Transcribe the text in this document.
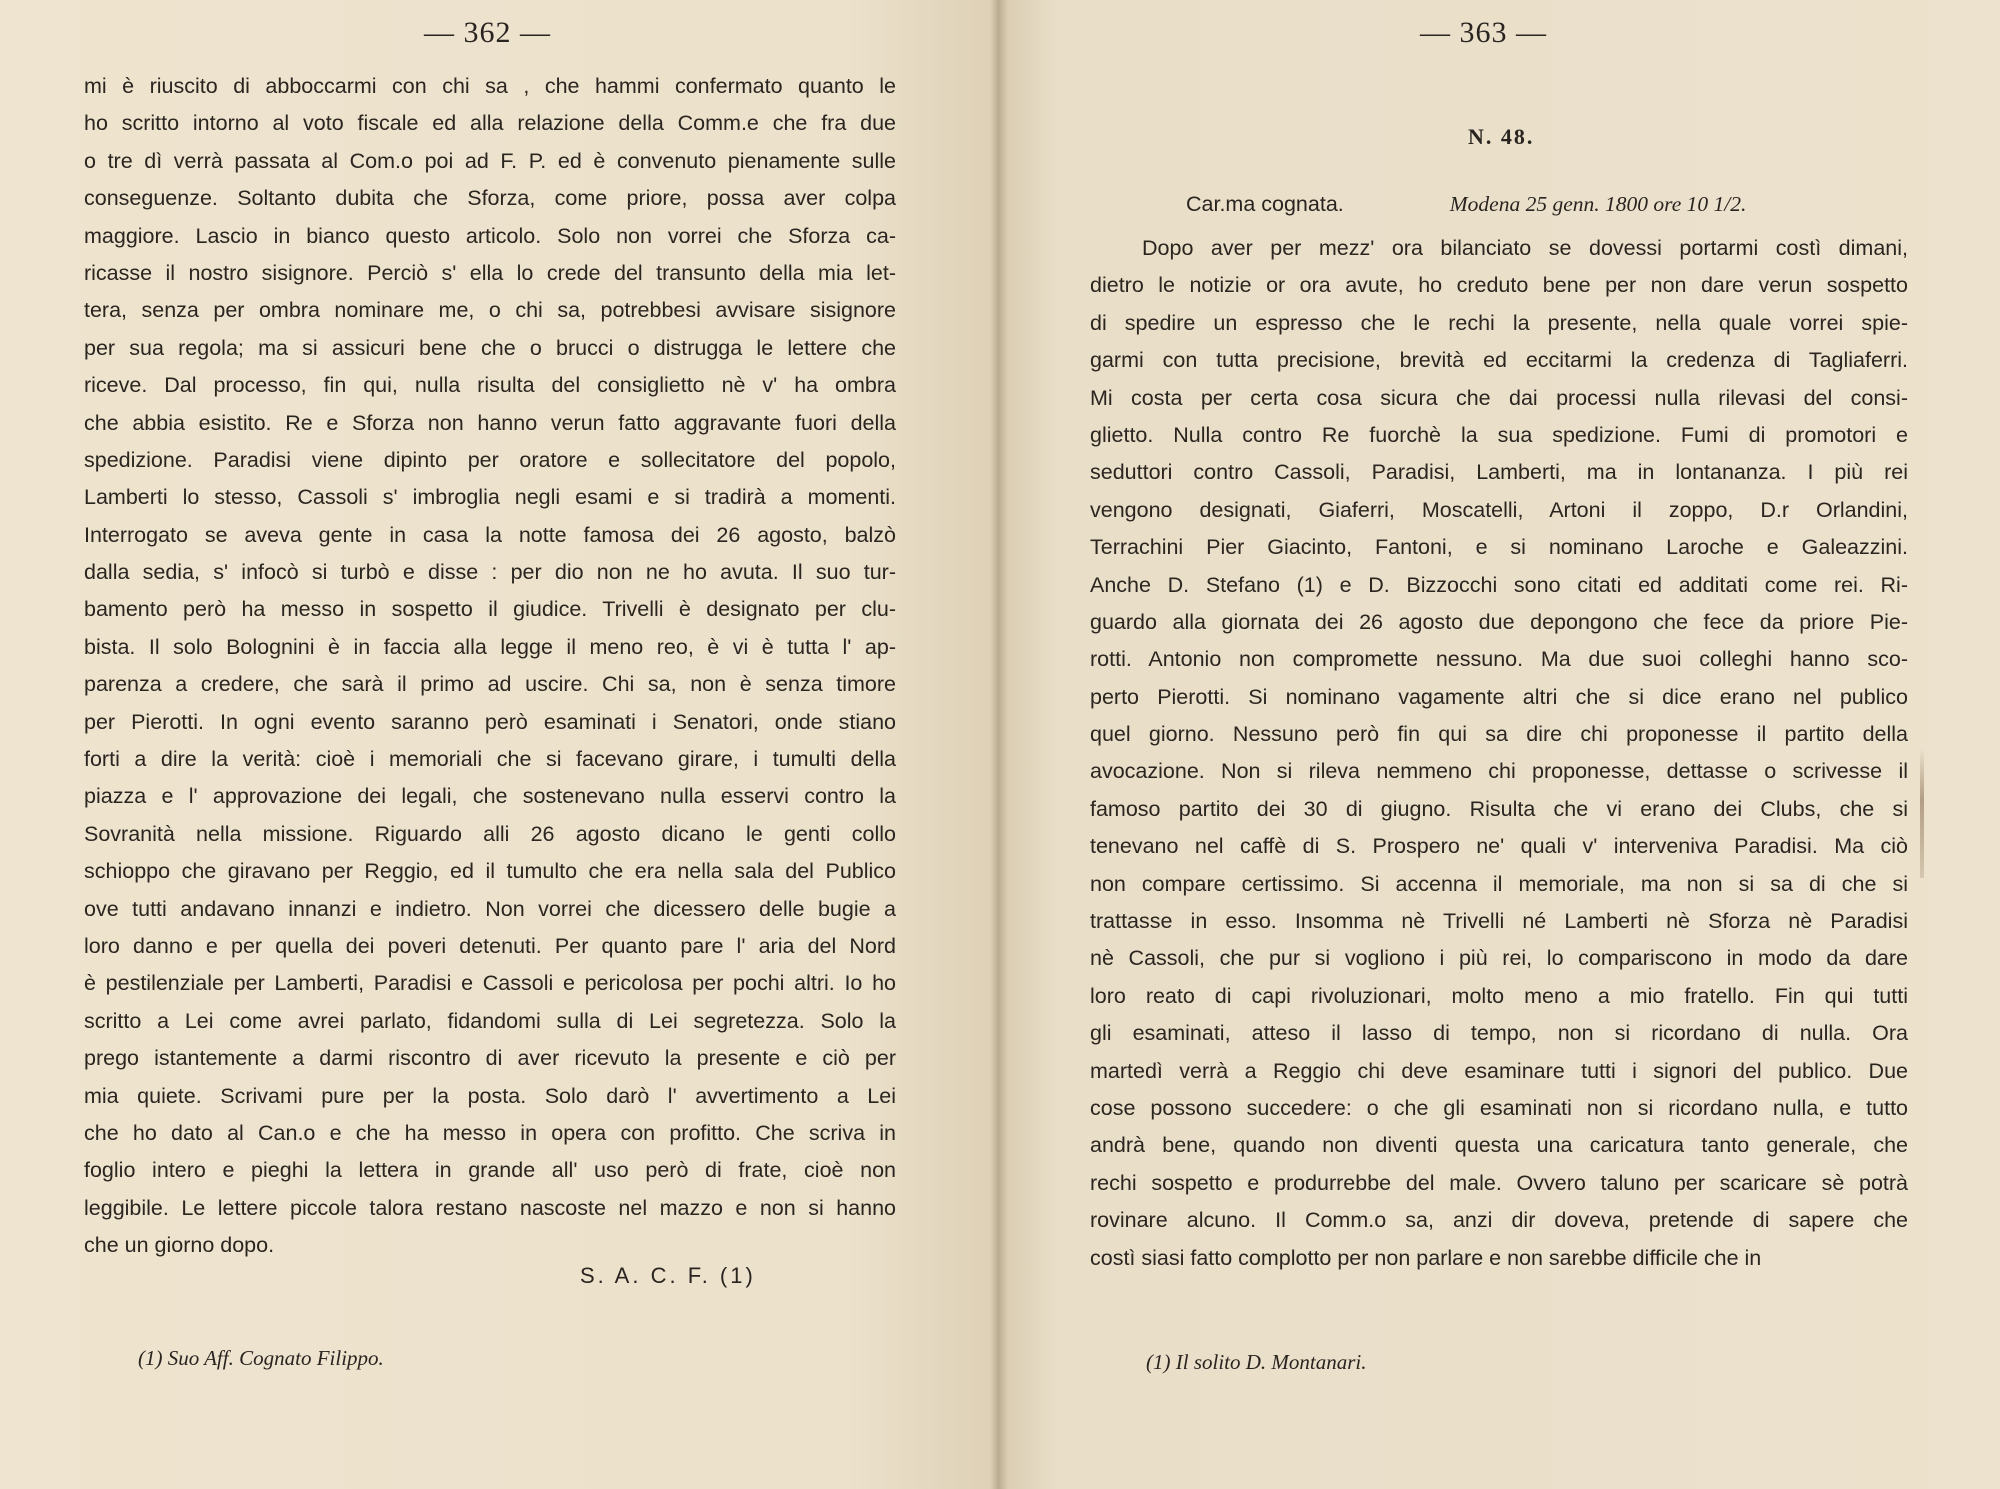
— 362 —	— 363 —
mi è riuscito di abboccarmi con chi sa , che hammi confermato quanto le
ho scritto intorno al voto fiscale ed alla relazione della Comm.e che fra due
o tre dì verrà passata al Com.o poi ad F. P. ed è convenuto pienamente sulle
conseguenze. Soltanto dubita che Sforza, come priore, possa aver colpa
maggiore. Lascio in bianco questo articolo. Solo non vorrei che Sforza ca-
ricasse il nostro sisignore. Perciò s' ella lo crede del transunto della mia let-
tera, senza per ombra nominare me, o chi sa, potrebbesi avvisare sisignore
per sua regola; ma si assicuri bene che o brucci o distrugga le lettere che
riceve. Dal processo, fin qui, nulla risulta del consiglietto nè v' ha ombra
che abbia esistito. Re e Sforza non hanno verun fatto aggravante fuori della
spedizione. Paradisi viene dipinto per oratore e sollecitatore del popolo,
Lamberti lo stesso, Cassoli s' imbroglia negli esami e si tradirà a momenti.
Interrogato se aveva gente in casa la notte famosa dei 26 agosto, balzò
dalla sedia, s' infocò si turbò e disse : per dio non ne ho avuta. Il suo tur-
bamento però ha messo in sospetto il giudice. Trivelli è designato per clu-
bista. Il solo Bolognini è in faccia alla legge il meno reo, è vi è tutta l' ap-
parenza a credere, che sarà il primo ad uscire. Chi sa, non è senza timore
per Pierotti. In ogni evento saranno però esaminati i Senatori, onde stiano
forti a dire la verità: cioè i memoriali che si facevano girare, i tumulti della
piazza e l' approvazione dei legali, che sostenevano nulla esservi contro la
Sovranità nella missione. Riguardo alli 26 agosto dicano le genti collo
schioppo che giravano per Reggio, ed il tumulto che era nella sala del Publico
ove tutti andavano innanzi e indietro. Non vorrei che dicessero delle bugie a
loro danno e per quella dei poveri detenuti. Per quanto pare l' aria del Nord
è pestilenziale per Lamberti, Paradisi e Cassoli e pericolosa per pochi altri. Io ho
scritto a Lei come avrei parlato, fidandomi sulla di Lei segretezza. Solo la
prego istantemente a darmi riscontro di aver ricevuto la presente e ciò per
mia quiete. Scrivami pure per la posta. Solo darò l' avvertimento a Lei
che ho dato al Can.o e che ha messo in opera con profitto. Che scriva in
foglio intero e pieghi la lettera in grande all' uso però di frate, cioè non
leggibile. Le lettere piccole talora restano nascoste nel mazzo e non si hanno
che un giorno dopo.
S. A. C. F. (1)
(1) Suo Aff. Cognato Filippo.
N. 48.
Car.ma cognata.	Modena 25 genn. 1800 ore 10 1/2.
Dopo aver per mezz' ora bilanciato se dovessi portarmi costì dimani,
dietro le notizie or ora avute, ho creduto bene per non dare verun sospetto
di spedire un espresso che le rechi la presente, nella quale vorrei spie-
garmi con tutta precisione, brevità ed eccitarmi la credenza di Tagliaferri.
Mi costa per certa cosa sicura che dai processi nulla rilevasi del consi-
glietto. Nulla contro Re fuorchè la sua spedizione. Fumi di promotori e
seduttori contro Cassoli, Paradisi, Lamberti, ma in lontananza. I più rei
vengono designati, Giaferri, Moscatelli, Artoni il zoppo, D.r Orlandini,
Terrachini Pier Giacinto, Fantoni, e si nominano Laroche e Galeazzini.
Anche D. Stefano (1) e D. Bizzocchi sono citati ed additati come rei. Ri-
guardo alla giornata dei 26 agosto due depongono che fece da priore Pie-
rotti. Antonio non compromette nessuno. Ma due suoi colleghi hanno sco-
perto Pierotti. Si nominano vagamente altri che si dice erano nel publico
quel giorno. Nessuno però fin qui sa dire chi proponesse il partito della
avocazione. Non si rileva nemmeno chi proponesse, dettasse o scrivesse il
famoso partito dei 30 di giugno. Risulta che vi erano dei Clubs, che si
tenevano nel caffè di S. Prospero ne' quali v' interveniva Paradisi. Ma ciò
non compare certissimo. Si accenna il memoriale, ma non si sa di che si
trattasse in esso. Insomma nè Trivelli né Lamberti nè Sforza nè Paradisi
nè Cassoli, che pur si vogliono i più rei, lo compariscono in modo da dare
loro reato di capi rivoluzionari, molto meno a mio fratello. Fin qui tutti
gli esaminati, atteso il lasso di tempo, non si ricordano di nulla. Ora
martedì verrà a Reggio chi deve esaminare tutti i signori del publico. Due
cose possono succedere: o che gli esaminati non si ricordano nulla, e tutto
andrà bene, quando non diventi questa una caricatura tanto generale, che
rechi sospetto e produrrebbe del male. Ovvero taluno per scaricare sè potrà
rovinare alcuno. Il Comm.o sa, anzi dir doveva, pretende di sapere che
costì siasi fatto complotto per non parlare e non sarebbe difficile che in
(1) Il solito D. Montanari.
